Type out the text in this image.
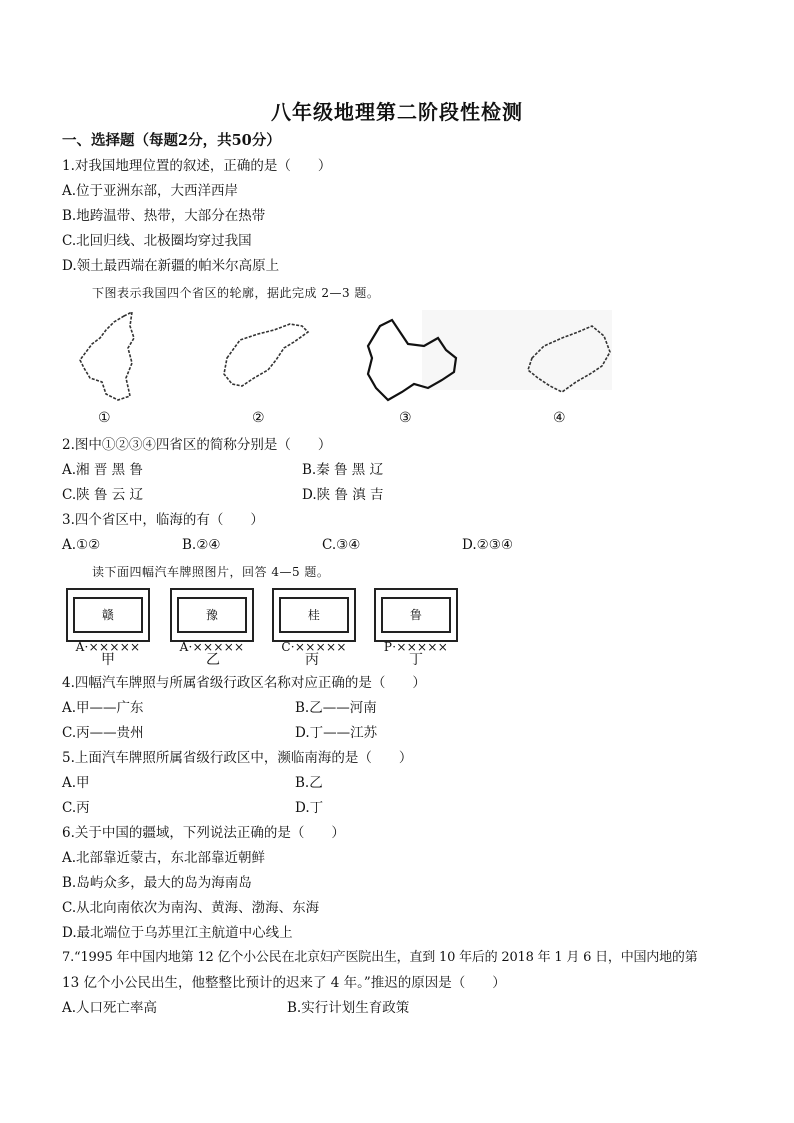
八年级地理第二阶段性检测
一、选择题（每题2分，共50分）
1.对我国地理位置的叙述，正确的是（　　）
A.位于亚洲东部，大西洋西岸
B.地跨温带、热带，大部分在热带
C.北回归线、北极圈均穿过我国
D.领土最西端在新疆的帕米尔高原上
下图表示我国四个省区的轮廓，据此完成 2—3 题。
①	②	③	④
2.图中①②③④四省区的简称分别是（　　）
A.湘 晋 黑 鲁	B.秦 鲁 黑 辽
C.陕 鲁 云 辽	D.陕 鲁 滇 吉
3.四个省区中，临海的有（　　）
A.①②	B.②④	C.③④	D.②③④
读下面四幅汽车牌照图片，回答 4—5 题。
赣A·×××××
豫A·×××××
桂C·×××××
鲁P·×××××
甲	乙	丙	丁
4.四幅汽车牌照与所属省级行政区名称对应正确的是（　　）
A.甲——广东	B.乙——河南
C.丙——贵州	D.丁——江苏
5.上面汽车牌照所属省级行政区中，濒临南海的是（　　）
A.甲	B.乙
C.丙	D.丁
6.关于中国的疆域，下列说法正确的是（　　）
A.北部靠近蒙古，东北部靠近朝鲜
B.岛屿众多，最大的岛为海南岛
C.从北向南依次为南沟、黄海、渤海、东海
D.最北端位于乌苏里江主航道中心线上
7.“1995 年中国内地第 12 亿个小公民在北京妇产医院出生，直到 10 年后的 2018 年 1 月 6 日，中国内地的第
13 亿个小公民出生，他整整比预计的迟来了 4 年。”推迟的原因是（　　）
A.人口死亡率高	B.实行计划生育政策
